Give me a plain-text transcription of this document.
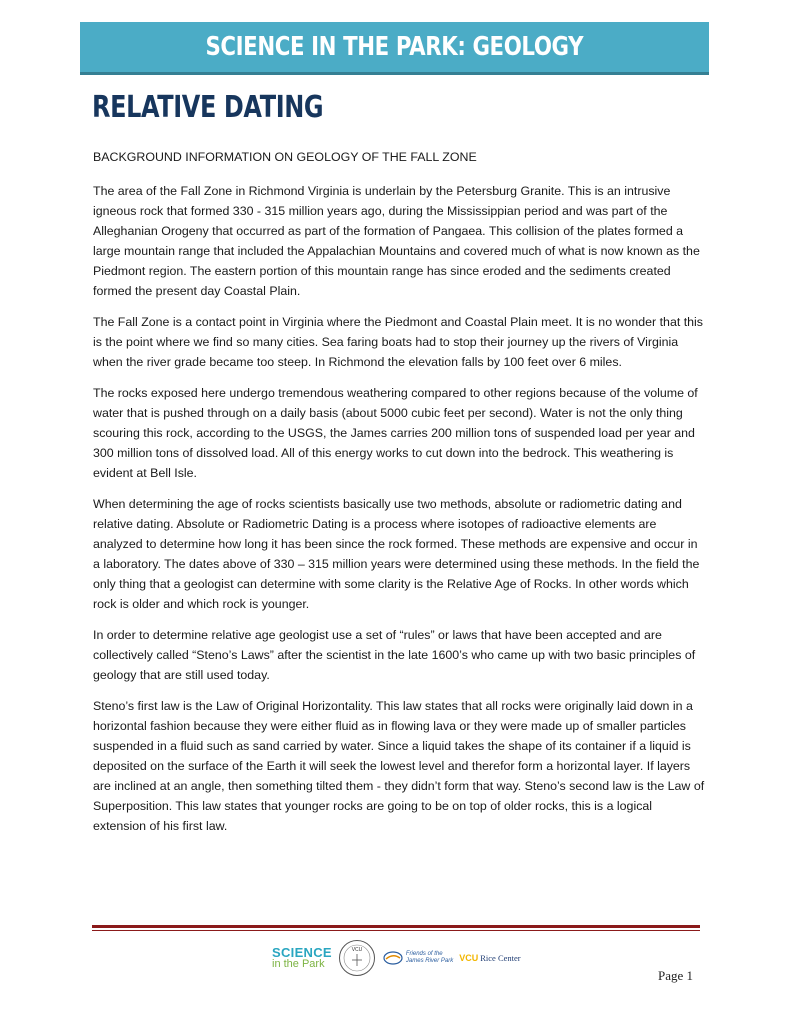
SCIENCE IN THE PARK: GEOLOGY
RELATIVE DATING
BACKGROUND INFORMATION ON GEOLOGY OF THE FALL ZONE

The area of the Fall Zone in Richmond Virginia is underlain by the Petersburg Granite. This is an intrusive igneous rock that formed 330 - 315 million years ago, during the Mississippian period and was part of the Alleghanian Orogeny that occurred as part of the formation of Pangaea. This collision of the plates formed a large mountain range that included the Appalachian Mountains and covered much of what is now known as the Piedmont region. The eastern portion of this mountain range has since eroded and the sediments created formed the present day Coastal Plain.

The Fall Zone is a contact point in Virginia where the Piedmont and Coastal Plain meet. It is no wonder that this is the point where we find so many cities. Sea faring boats had to stop their journey up the rivers of Virginia when the river grade became too steep. In Richmond the elevation falls by 100 feet over 6 miles.

The rocks exposed here undergo tremendous weathering compared to other regions because of the volume of water that is pushed through on a daily basis (about 5000 cubic feet per second). Water is not the only thing scouring this rock, according to the USGS, the James carries 200 million tons of suspended load per year and 300 million tons of dissolved load. All of this energy works to cut down into the bedrock. This weathering is evident at Bell Isle.

When determining the age of rocks scientists basically use two methods, absolute or radiometric dating and relative dating. Absolute or Radiometric Dating is a process where isotopes of radioactive elements are analyzed to determine how long it has been since the rock formed. These methods are expensive and occur in a laboratory. The dates above of 330 – 315 million years were determined using these methods. In the field the only thing that a geologist can determine with some clarity is the Relative Age of Rocks. In other words which rock is older and which rock is younger.

In order to determine relative age geologist use a set of “rules” or laws that have been accepted and are collectively called “Steno’s Laws” after the scientist in the late 1600’s who came up with two basic principles of geology that are still used today.

Steno’s first law is the Law of Original Horizontality. This law states that all rocks were originally laid down in a horizontal fashion because they were either fluid as in flowing lava or they were made up of smaller particles suspended in a fluid such as sand carried by water. Since a liquid takes the shape of its container if a liquid is deposited on the surface of the Earth it will seek the lowest level and therefor form a horizontal layer. If layers are inclined at an angle, then something tilted them - they didn’t form that way. Steno’s second law is the Law of Superposition. This law states that younger rocks are going to be on top of older rocks, this is a logical extension of his first law.

SCIENCE
in the Park
VCU
Friends of the
James River Park VCU Rice Center
Page 1
